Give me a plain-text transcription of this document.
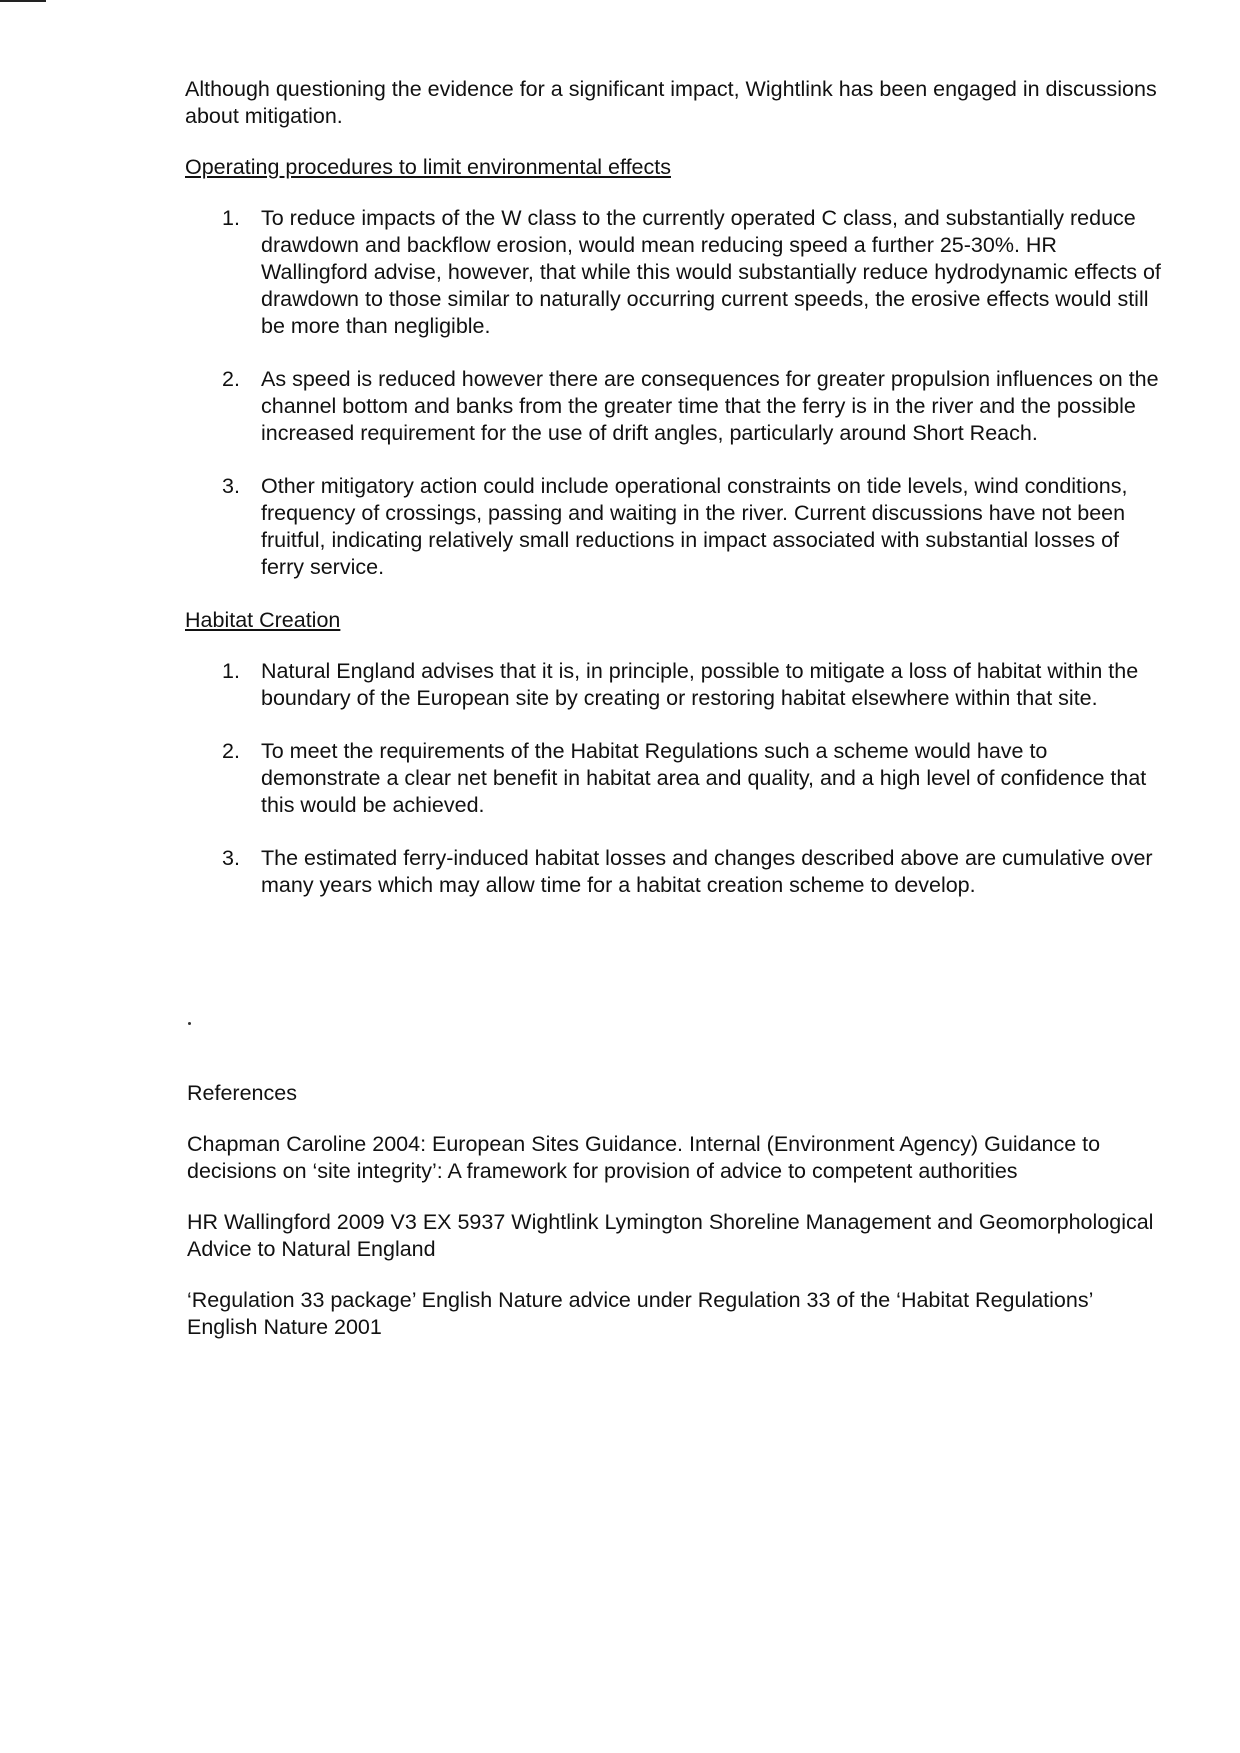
Although questioning the evidence for a significant impact, Wightlink has been engaged in discussions about mitigation.

Operating procedures to limit environmental effects

1. To reduce impacts of the W class to the currently operated C class, and substantially reduce drawdown and backflow erosion, would mean reducing speed a further 25-30%. HR Wallingford advise, however, that while this would substantially reduce hydrodynamic effects of drawdown to those similar to naturally occurring current speeds, the erosive effects would still be more than negligible.
2. As speed is reduced however there are consequences for greater propulsion influences on the channel bottom and banks from the greater time that the ferry is in the river and the possible increased requirement for the use of drift angles, particularly around Short Reach.
3. Other mitigatory action could include operational constraints on tide levels, wind conditions, frequency of crossings, passing and waiting in the river. Current discussions have not been fruitful, indicating relatively small reductions in impact associated with substantial losses of ferry service.

Habitat Creation

1. Natural England advises that it is, in principle, possible to mitigate a loss of habitat within the boundary of the European site by creating or restoring habitat elsewhere within that site.
2. To meet the requirements of the Habitat Regulations such a scheme would have to demonstrate a clear net benefit in habitat area and quality, and a high level of confidence that this would be achieved.
3. The estimated ferry-induced habitat losses and changes described above are cumulative over many years which may allow time for a habitat creation scheme to develop.

References

Chapman Caroline 2004: European Sites Guidance. Internal (Environment Agency) Guidance to decisions on ‘site integrity’: A framework for provision of advice to competent authorities

HR Wallingford 2009 V3 EX 5937 Wightlink Lymington Shoreline Management and Geomorphological Advice to Natural England

‘Regulation 33 package’ English Nature advice under Regulation 33 of the ‘Habitat Regulations’ English Nature 2001
